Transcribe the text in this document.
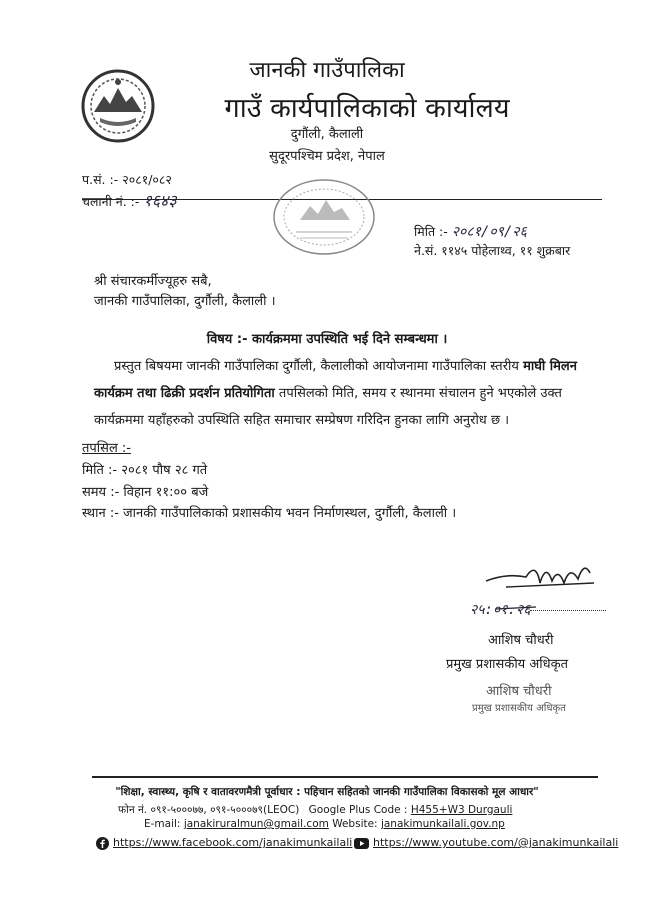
जानकी गाउँपालिका
गाउँ कार्यपालिकाको कार्यालय
दुगौंली, कैलाली
सुदूरपश्चिम प्रदेश, नेपाल
प.सं. :- २०८१/०८२
चलानी नं. :- १६४३
मिति :- २०८१/०९/२६
ने.सं. ११४५ पोहेलाथ्व, ११ शुक्रबार
श्री संचारकर्मीज्यूहरु सबै,
जानकी गाउँपालिका, दुर्गौली, कैलाली ।
विषय :- कार्यक्रममा उपस्थिति भई दिने सम्बन्धमा ।
प्रस्तुत बिषयमा जानकी गाउँपालिका दुर्गौली, कैलालीको आयोजनामा गाउँपालिका स्तरीय माघी मिलन कार्यक्रम तथा ढिक्री प्रदर्शन प्रतियोगिता तपसिलको मिति, समय र स्थानमा संचालन हुने भएकोले उक्त कार्यक्रममा यहाँहरुको उपस्थिति सहित समाचार सम्प्रेषण गरिदिन हुनका लागि अनुरोध छ ।
तपसिल :-
मिति :- २०८१ पौष २८ गते
समय :- विहान ११:०० बजे
स्थान :- जानकी गाउँपालिकाको प्रशासकीय भवन निर्माणस्थल, दुर्गौली, कैलाली ।
२५:०१.२६
आशिष चौधरी
प्रमुख प्रशासकीय अधिकृत
आशिष चौधरी
प्रमुख प्रशासकीय अधिकृत
"शिक्षा, स्वास्थ्य, कृषि र वातावरणमैत्री पूर्वाधार : पहिचान सहितको जानकी गाउँपालिका विकासको मूल आधार"
फोन नं. ०९१-५०००७७, ०९१-५०००७९(LEOC) Google Plus Code : H455+W3 Durgauli
E-mail: janakiruralmun@gmail.com Website: janakimunkailali.gov.np
https://www.facebook.com/janakimunkailali	https://www.youtube.com/@janakimunkailali
